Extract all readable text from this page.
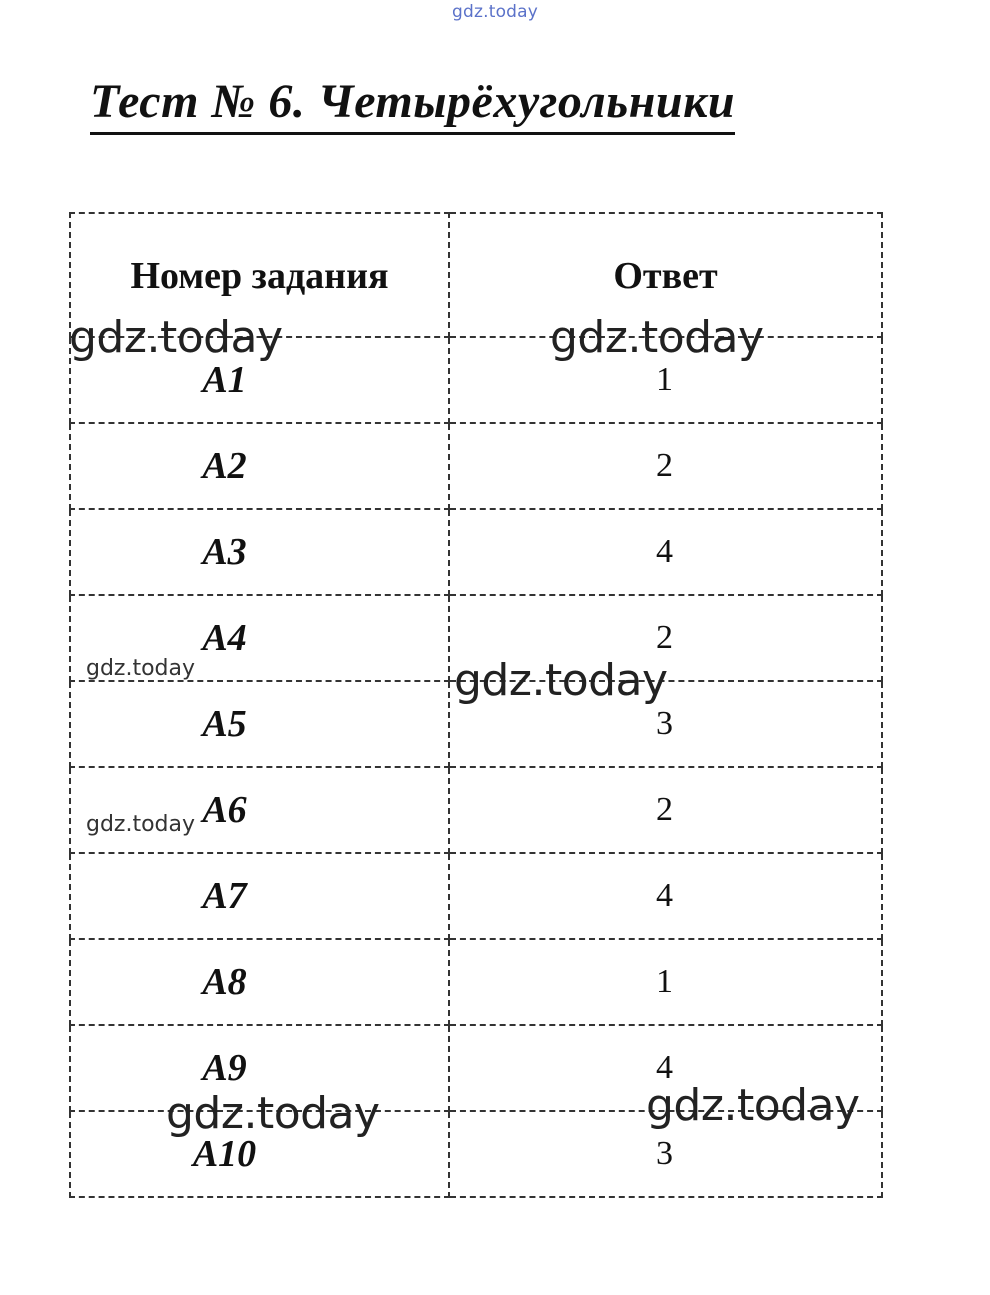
gdz.today
Тест № 6. Четырёхугольники
Номер задания	Ответ
A1	1
A2	2
A3	4
A4	2
A5	3
A6	2
A7	4
A8	1
A9	4
A10	3
gdz.today	gdz.today
gdz.today	gdz.today
gdz.today
gdz.today	gdz.today
